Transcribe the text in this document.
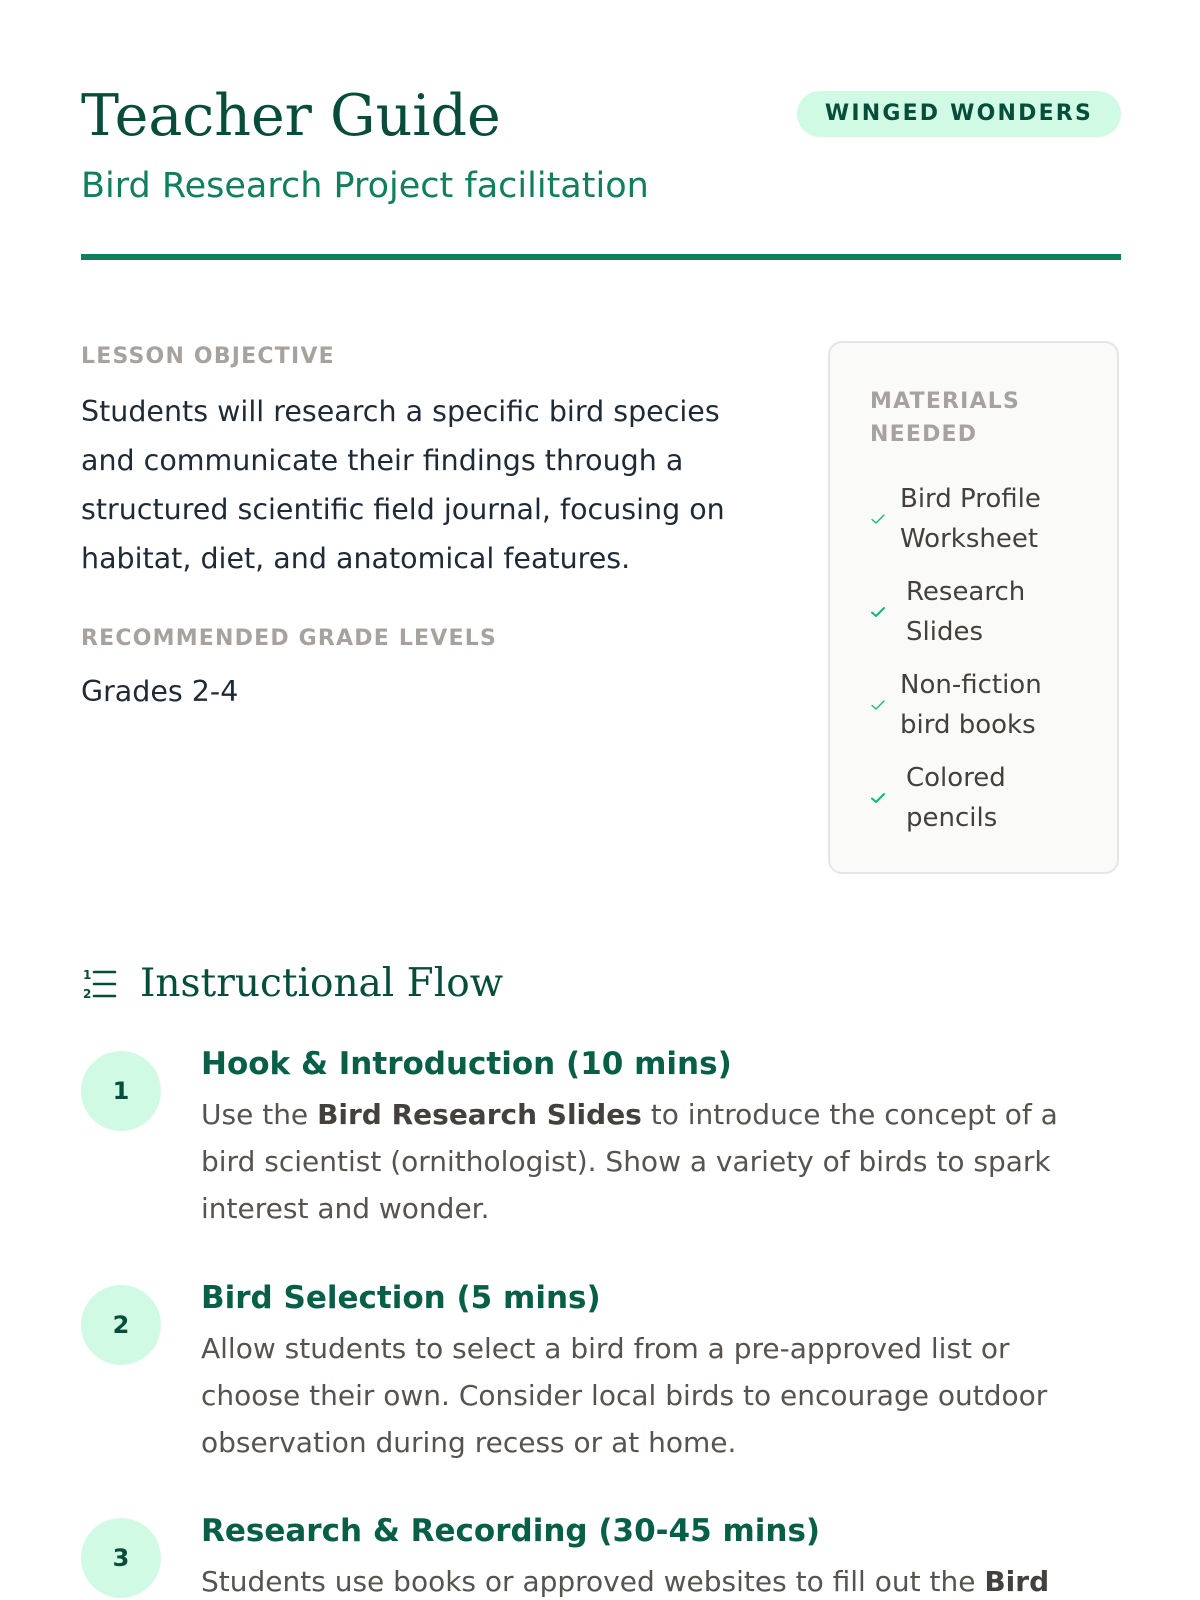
Teacher Guide	WINGED WONDERS
Bird Research Project facilitation
LESSON OBJECTIVE

Students will research a specific bird species and communicate their findings through a structured scientific field journal, focusing on habitat, diet, and anatomical features.

RECOMMENDED GRADE LEVELS

Grades 2-4

MATERIALS NEEDED
Bird Profile Worksheet
Research Slides
Non-fiction bird books
Colored pencils
1
2 Instructional Flow
1
Hook & Introduction (10 mins)

Use the Bird Research Slides to introduce the concept of a bird scientist (ornithologist). Show a variety of birds to spark interest and wonder.

2
Bird Selection (5 mins)

Allow students to select a bird from a pre-approved list or choose their own. Consider local birds to encourage outdoor observation during recess or at home.

3
Research & Recording (30-45 mins)

Students use books or approved websites to fill out the Bird
